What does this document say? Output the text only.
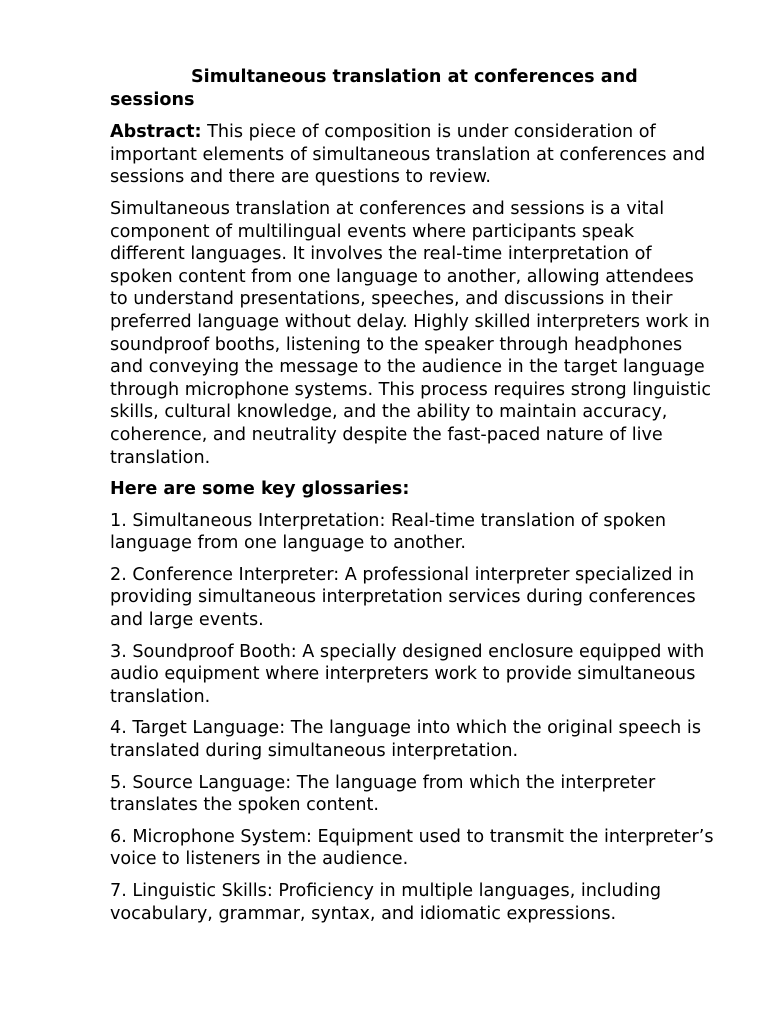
Simultaneous translation at conferences and sessions

Abstract: This piece of composition is under consideration of important elements of simultaneous translation at conferences and sessions and there are questions to review.

Simultaneous translation at conferences and sessions is a vital component of multilingual events where participants speak different languages. It involves the real-time interpretation of spoken content from one language to another, allowing attendees to understand presentations, speeches, and discussions in their preferred language without delay. Highly skilled interpreters work in soundproof booths, listening to the speaker through headphones and conveying the message to the audience in the target language through microphone systems. This process requires strong linguistic skills, cultural knowledge, and the ability to maintain accuracy, coherence, and neutrality despite the fast-paced nature of live translation.

Here are some key glossaries:

1. Simultaneous Interpretation: Real-time translation of spoken language from one language to another.
2. Conference Interpreter: A professional interpreter specialized in providing simultaneous interpretation services during conferences and large events.
3. Soundproof Booth: A specially designed enclosure equipped with audio equipment where interpreters work to provide simultaneous translation.
4. Target Language: The language into which the original speech is translated during simultaneous interpretation.
5. Source Language: The language from which the interpreter translates the spoken content.
6. Microphone System: Equipment used to transmit the interpreter’s voice to listeners in the audience.
7. Linguistic Skills: Proficiency in multiple languages, including vocabulary, grammar, syntax, and idiomatic expressions.
